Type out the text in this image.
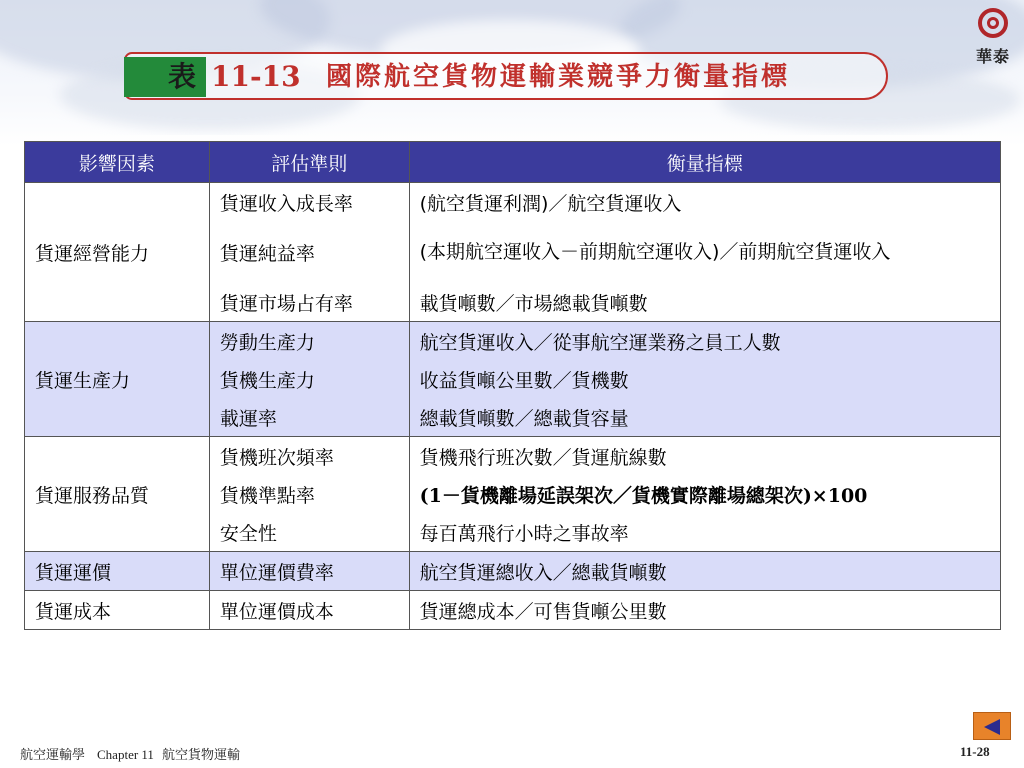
華泰
表 11-13 國際航空貨物運輸業競爭力衡量指標
影響因素	評估準則	衡量指標
貨運經營能力	貨運收入成長率	(航空貨運利潤)／航空貨運收入
	貨運純益率	(本期航空運收入－前期航空運收入)／前期航空貨運收入
	貨運市場占有率	載貨噸數／市場總載貨噸數
貨運生產力	勞動生產力	航空貨運收入／從事航空運業務之員工人數
	貨機生產力	收益貨噸公里數／貨機數
	載運率	總載貨噸數／總載貨容量
貨運服務品質	貨機班次頻率	貨機飛行班次數／貨運航線數
	貨機準點率	(1－貨機離場延誤架次／貨機實際離場總架次)×100
	安全性	每百萬飛行小時之事故率
貨運運價	單位運價費率	航空貨運總收入／總載貨噸數
貨運成本	單位運價成本	貨運總成本／可售貨噸公里數
航空運輸學 Chapter 11 航空貨物運輸	11-28
